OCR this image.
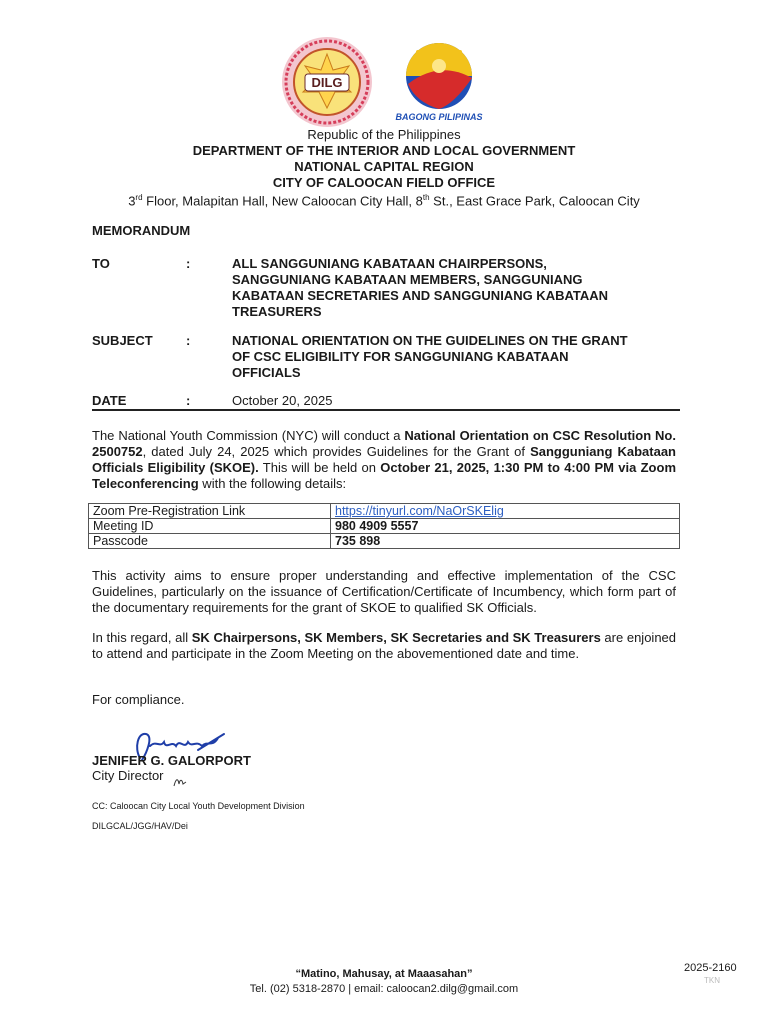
DILG
BAGONG PILIPINAS
Republic of the Philippines
DEPARTMENT OF THE INTERIOR AND LOCAL GOVERNMENT
NATIONAL CAPITAL REGION
CITY OF CALOOCAN FIELD OFFICE
3rd Floor, Malapitan Hall, New Caloocan City Hall, 8th St., East Grace Park, Caloocan City
MEMORANDUM
TO	:	ALL SANGGUNIANG KABATAAN CHAIRPERSONS,
SANGGUNIANG KABATAAN MEMBERS, SANGGUNIANG
KABATAAN SECRETARIES AND SANGGUNIANG KABATAAN
TREASURERS
SUBJECT	:	NATIONAL ORIENTATION ON THE GUIDELINES ON THE GRANT
OF CSC ELIGIBILITY FOR SANGGUNIANG KABATAAN
OFFICIALS
DATE	:	October 20, 2025
The National Youth Commission (NYC) will conduct a National Orientation on CSC Resolution No. 2500752, dated July 24, 2025 which provides Guidelines for the Grant of Sangguniang Kabataan Officials Eligibility (SKOE). This will be held on October 21, 2025, 1:30 PM to 4:00 PM via Zoom Teleconferencing with the following details:
Zoom Pre-Registration Link	https://tinyurl.com/NaOrSKElig
Meeting ID	980 4909 5557
Passcode	735 898
This activity aims to ensure proper understanding and effective implementation of the CSC Guidelines, particularly on the issuance of Certification/Certificate of Incumbency, which form part of the documentary requirements for the grant of SKOE to qualified SK Officials.
In this regard, all SK Chairpersons, SK Members, SK Secretaries and SK Treasurers are enjoined to attend and participate in the Zoom Meeting on the abovementioned date and time.
For compliance.
JENIFER G. GALORPORT
City Director
CC: Caloocan City Local Youth Development Division
DILGCAL/JGG/HAV/Dei
“Matino, Mahusay, at Maaasahan”
Tel. (02) 5318-2870 | email: caloocan2.dilg@gmail.com
2025-2160
TKN
